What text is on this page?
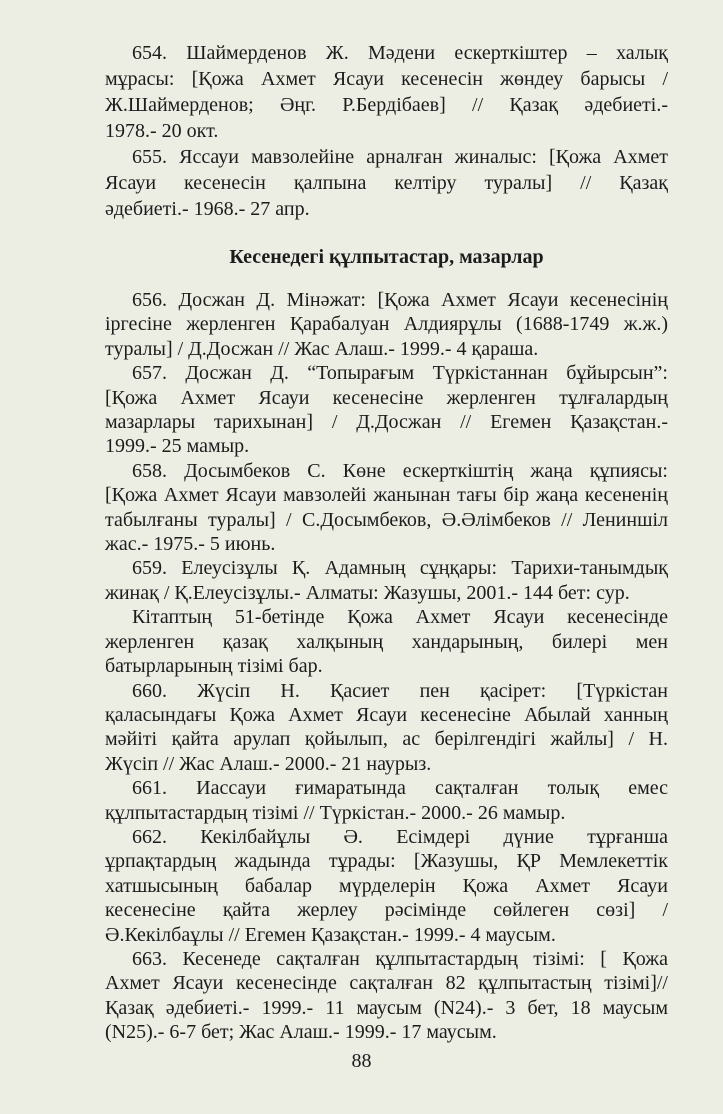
654. Шаймерденов Ж. Мәдени ескерткіштер – халық
мұрасы: [Қожа Ахмет Ясауи кесенесін жөндеу барысы /
Ж.Шаймерденов; Әңг. Р.Бердібаев] // Қазақ әдебиеті.-
1978.- 20 окт.
655. Яссауи мавзолейіне арналған жиналыс: [Қожа Ахмет
Ясауи кесенесін қалпына келтіру туралы] // Қазақ
әдебиеті.- 1968.- 27 апр.
Кесенедегі құлпытастар, мазарлар
656. Досжан Д. Мінәжат: [Қожа Ахмет Ясауи кесенесінің
іргесіне жерленген Қарабалуан Алдиярұлы (1688-1749 ж.ж.)
туралы] / Д.Досжан // Жас Алаш.- 1999.- 4 қараша.
657. Досжан Д. “Топырағым Түркістаннан бұйырсын”:
[Қожа Ахмет Ясауи кесенесіне жерленген тұлғалардың
мазарлары тарихынан] / Д.Досжан // Егемен Қазақстан.-
1999.- 25 мамыр.
658. Досымбеков С. Көне ескерткіштің жаңа құпиясы:
[Қожа Ахмет Ясауи мавзолейі жанынан тағы бір жаңа кесененің
табылғаны туралы] / С.Досымбеков, Ә.Әлімбеков // Лениншіл
жас.- 1975.- 5 июнь.
659. Елеусізұлы Қ. Адамның сұңқары: Тарихи-танымдық
жинақ / Қ.Елеусізұлы.- Алматы: Жазушы, 2001.- 144 бет: сур.
Кітаптың 51-бетінде Қожа Ахмет Ясауи кесенесінде
жерленген қазақ халқының хандарының, билері мен
батырларының тізімі бар.
660. Жүсіп Н. Қасиет пен қасірет: [Түркістан
қаласындағы Қожа Ахмет Ясауи кесенесіне Абылай ханның
мәйіті қайта арулап қойылып, ас берілгендігі жайлы] / Н.
Жүсіп // Жас Алаш.- 2000.- 21 наурыз.
661. Иассауи ғимаратында сақталған толық емес
құлпытастардың тізімі // Түркістан.- 2000.- 26 мамыр.
662. Кекілбайұлы Ә. Есімдері дүние тұрғанша
ұрпақтардың жадында тұрады: [Жазушы, ҚР Мемлекеттік
хатшысының бабалар мүрделерін Қожа Ахмет Ясауи
кесенесіне қайта жерлеу рәсімінде сөйлеген сөзі] /
Ә.Кекілбаұлы // Егемен Қазақстан.- 1999.- 4 маусым.
663. Кесенеде сақталған құлпытастардың тізімі: [ Қожа
Ахмет Ясауи кесенесінде сақталған 82 құлпытастың тізімі]//
Қазақ әдебиеті.- 1999.- 11 маусым (N24).- 3 бет, 18 маусым
(N25).- 6-7 бет; Жас Алаш.- 1999.- 17 маусым.
88
